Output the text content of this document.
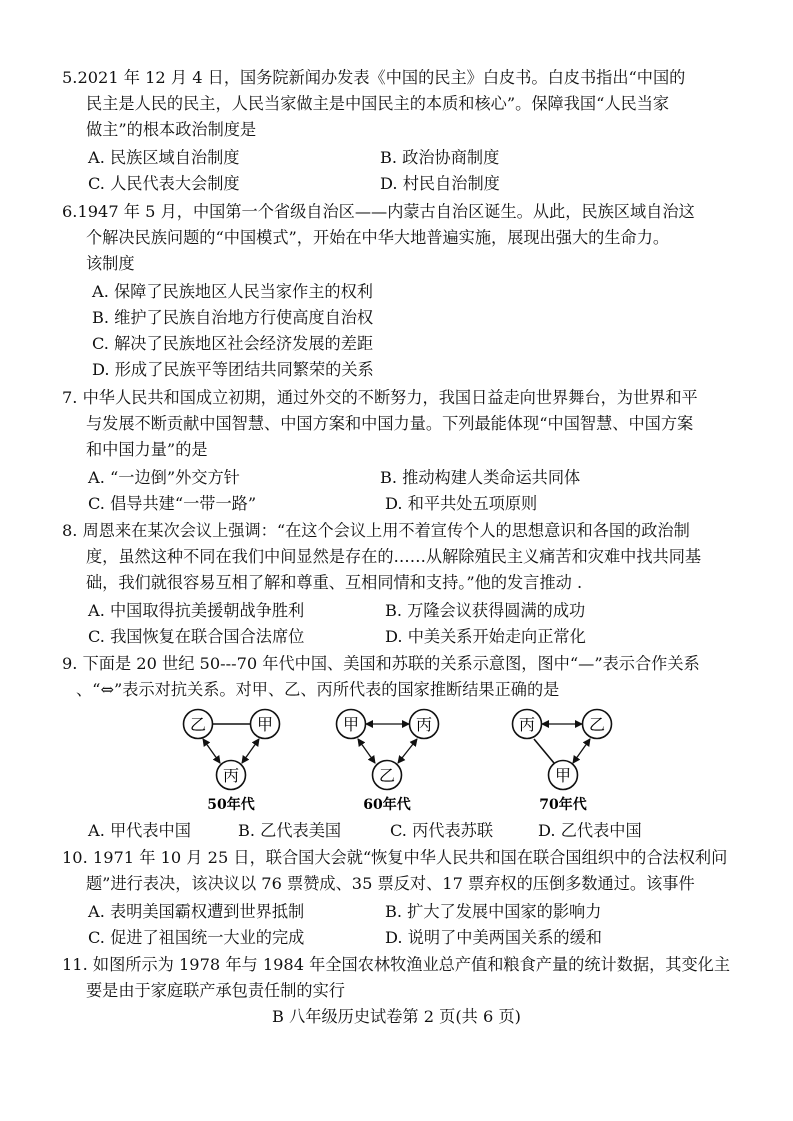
5.2021 年 12 月 4 日，国务院新闻办发表《中国的民主》白皮书。白皮书指出“中国的
民主是人民的民主，人民当家做主是中国民主的本质和核心”。保障我国“人民当家
做主”的根本政治制度是
A. 民族区域自治制度	B. 政治协商制度
C. 人民代表大会制度	D. 村民自治制度
6.1947 年 5 月，中国第一个省级自治区——内蒙古自治区诞生。从此，民族区域自治这
个解决民族问题的“中国模式”，开始在中华大地普遍实施，展现出强大的生命力。
该制度
A. 保障了民族地区人民当家作主的权利
B. 维护了民族自治地方行使高度自治权
C. 解决了民族地区社会经济发展的差距
D. 形成了民族平等团结共同繁荣的关系
7. 中华人民共和国成立初期，通过外交的不断努力，我国日益走向世界舞台，为世界和平
与发展不断贡献中国智慧、中国方案和中国力量。下列最能体现“中国智慧、中国方案
和中国力量”的是
A. “一边倒”外交方针	B. 推动构建人类命运共同体
C. 倡导共建“一带一路”	D. 和平共处五项原则
8. 周恩来在某次会议上强调：“在这个会议上用不着宣传个人的思想意识和各国的政治制
度，虽然这种不同在我们中间显然是存在的……从解除殖民主义痛苦和灾难中找共同基
础，我们就很容易互相了解和尊重、互相同情和支持。”他的发言推动 .
A. 中国取得抗美援朝战争胜利	B. 万隆会议获得圆满的成功
C. 我国恢复在联合国合法席位	D. 中美关系开始走向正常化
9. 下面是 20 世纪 50---70 年代中国、美国和苏联的关系示意图，图中“—”表示合作关系
、“⇔”表示对抗关系。对甲、乙、丙所代表的国家推断结果正确的是
乙	甲
丙
50年代
甲	丙
乙
60年代
丙	乙
甲
70年代
A. 甲代表中国	B. 乙代表美国	C. 丙代表苏联	D. 乙代表中国
10. 1971 年 10 月 25 日，联合国大会就“恢复中华人民共和国在联合国组织中的合法权利问
题”进行表决，该决议以 76 票赞成、35 票反对、17 票弃权的压倒多数通过。该事件
A. 表明美国霸权遭到世界抵制	B. 扩大了发展中国家的影响力
C. 促进了祖国统一大业的完成	D. 说明了中美两国关系的缓和
11. 如图所示为 1978 年与 1984 年全国农林牧渔业总产值和粮食产量的统计数据，其变化主
要是由于家庭联产承包责任制的实行
B 八年级历史试卷第 2 页(共 6 页)
